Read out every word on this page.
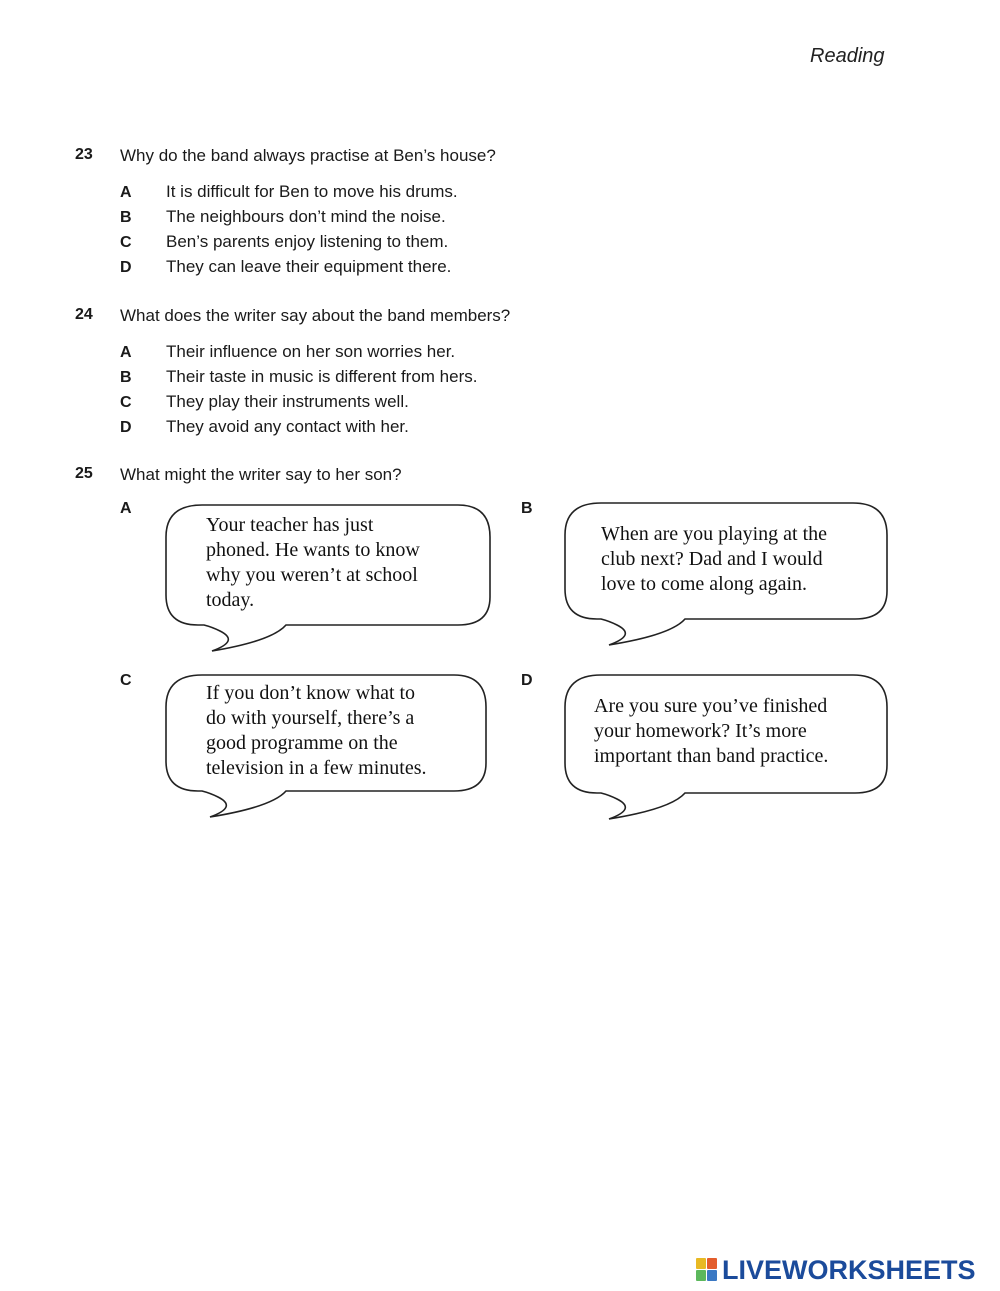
Reading
23 Why do the band always practise at Ben’s house?
A It is difficult for Ben to move his drums.
B The neighbours don’t mind the noise.
C Ben’s parents enjoy listening to them.
D They can leave their equipment there.
24 What does the writer say about the band members?
A Their influence on her son worries her.
B Their taste in music is different from hers.
C They play their instruments well.
D They avoid any contact with her.
25 What might the writer say to her son?
A
Your teacher has just
phoned. He wants to know
why you weren’t at school
today.
B
When are you playing at the
club next? Dad and I would
love to come along again.
C
If you don’t know what to
do with yourself, there’s a
good programme on the
television in a few minutes.
D
Are you sure you’ve finished
your homework? It’s more
important than band practice.
LIVEWORKSHEETS
